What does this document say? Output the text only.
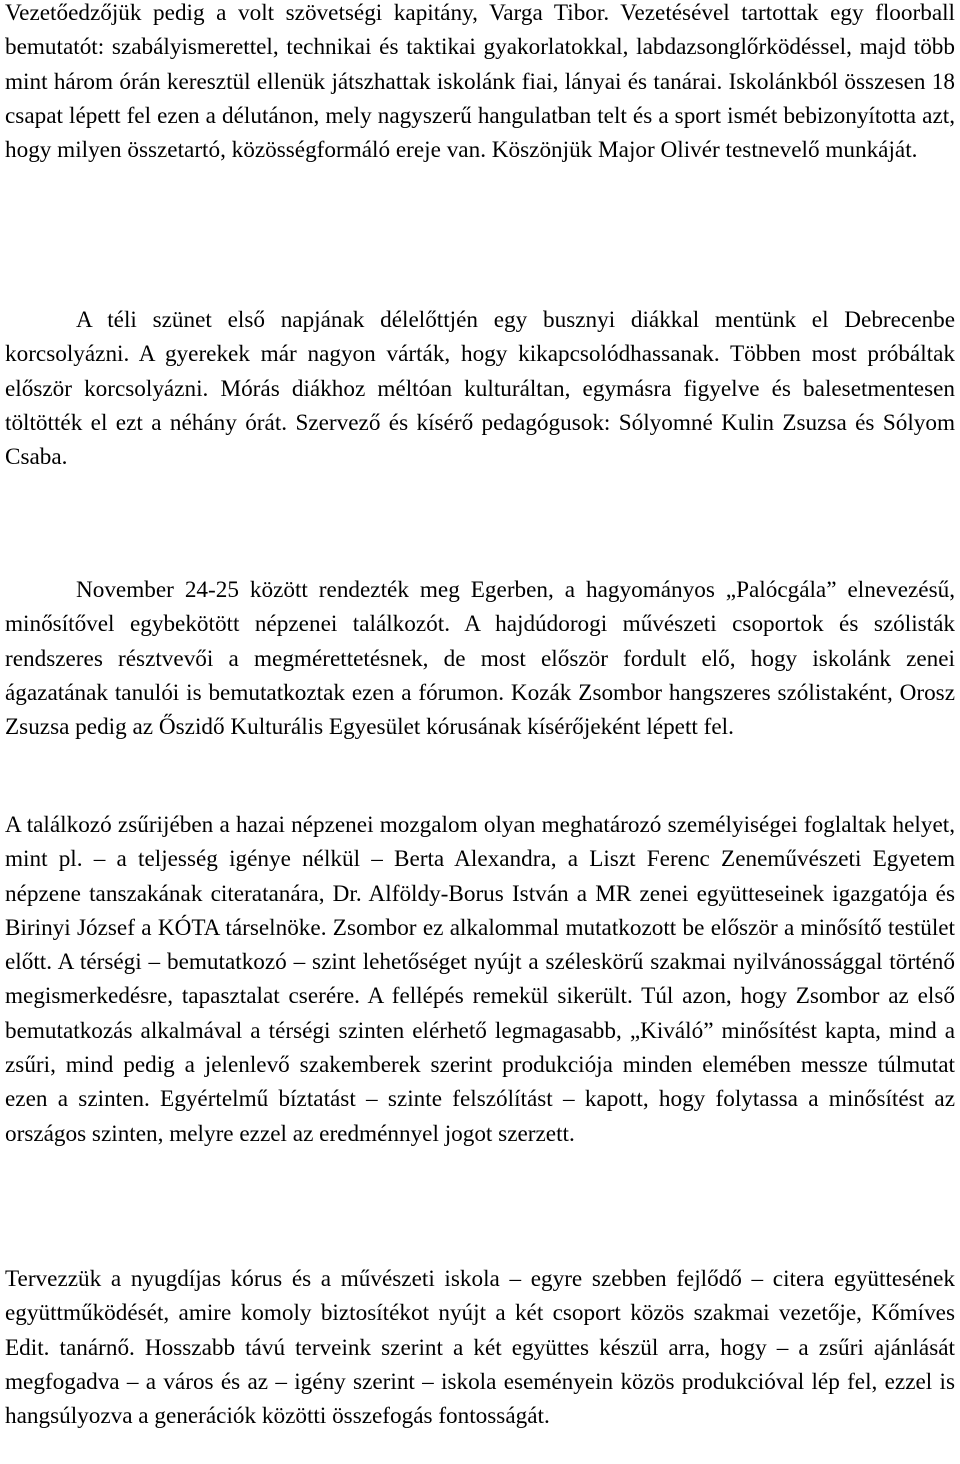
Vezetőedzőjük pedig a volt szövetségi kapitány, Varga Tibor. Vezetésével tartottak egy floorball bemutatót: szabályismerettel, technikai és taktikai gyakorlatokkal, labdazsonglőrködéssel, majd több mint három órán keresztül ellenük játszhattak iskolánk fiai, lányai és tanárai. Iskolánkból összesen 18 csapat lépett fel ezen a délutánon, mely nagyszerű hangulatban telt és a sport ismét bebizonyította azt, hogy milyen összetartó, közösségformáló ereje van. Köszönjük Major Olivér testnevelő munkáját.

A téli szünet első napjának délelőttjén egy busznyi diákkal mentünk el Debrecenbe korcsolyázni. A gyerekek már nagyon várták, hogy kikapcsolódhassanak. Többen most próbáltak először korcsolyázni. Mórás diákhoz méltóan kulturáltan, egymásra figyelve és balesetmentesen töltötték el ezt a néhány órát. Szervező és kísérő pedagógusok: Sólyomné Kulin Zsuzsa és Sólyom Csaba.

November 24-25 között rendezték meg Egerben, a hagyományos „Palócgála” elnevezésű, minősítővel egybekötött népzenei találkozót. A hajdúdorogi művészeti csoportok és szólisták rendszeres résztvevői a megmérettetésnek, de most először fordult elő, hogy iskolánk zenei ágazatának tanulói is bemutatkoztak ezen a fórumon. Kozák Zsombor hangszeres szólistaként, Orosz Zsuzsa pedig az Őszidő Kulturális Egyesület kórusának kísérőjeként lépett fel.

A találkozó zsűrijében a hazai népzenei mozgalom olyan meghatározó személyiségei foglaltak helyet, mint pl. – a teljesség igénye nélkül – Berta Alexandra, a Liszt Ferenc Zeneművészeti Egyetem népzene tanszakának citeratanára, Dr. Alföldy-Borus István a MR zenei együtteseinek igazgatója és Birinyi József a KÓTA társelnöke. Zsombor ez alkalommal mutatkozott be először a minősítő testület előtt. A térségi – bemutatkozó – szint lehetőséget nyújt a széleskörű szakmai nyilvánossággal történő megismerkedésre, tapasztalat cserére. A fellépés remekül sikerült. Túl azon, hogy Zsombor az első bemutatkozás alkalmával a térségi szinten elérhető legmagasabb, „Kiváló” minősítést kapta, mind a zsűri, mind pedig a jelenlevő szakemberek szerint produkciója minden elemében messze túlmutat ezen a szinten. Egyértelmű bíztatást – szinte felszólítást – kapott, hogy folytassa a minősítést az országos szinten, melyre ezzel az eredménnyel jogot szerzett.

Tervezzük a nyugdíjas kórus és a művészeti iskola – egyre szebben fejlődő – citera együttesének együttműködését, amire komoly biztosítékot nyújt a két csoport közös szakmai vezetője, Kőmíves Edit. tanárnő. Hosszabb távú terveink szerint a két együttes készül arra, hogy – a zsűri ajánlását megfogadva – a város és az – igény szerint – iskola eseményein közös produkcióval lép fel, ezzel is hangsúlyozva a generációk közötti összefogás fontosságát.
